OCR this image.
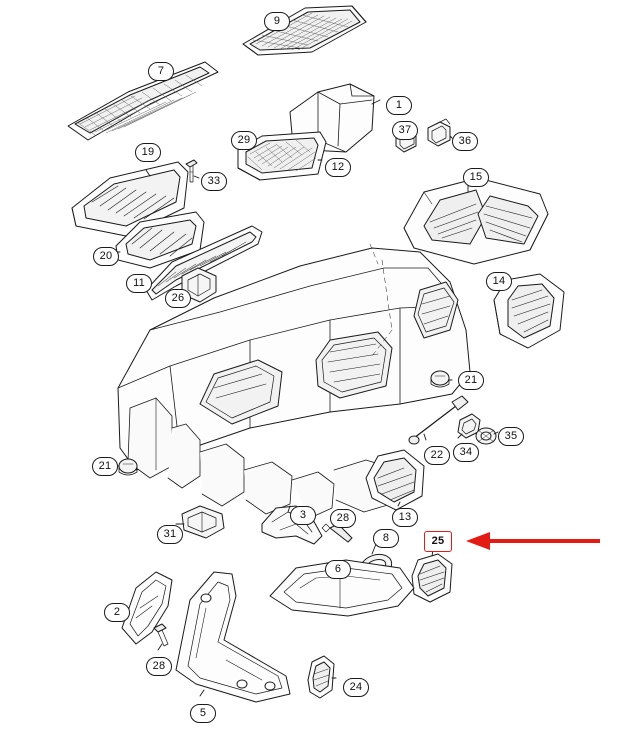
9
7
1
37
36
29
19
12
33	15
20
11
26
14
21
22	34
35
21
31
3	28	13
8	25
6
2
28
5
24
